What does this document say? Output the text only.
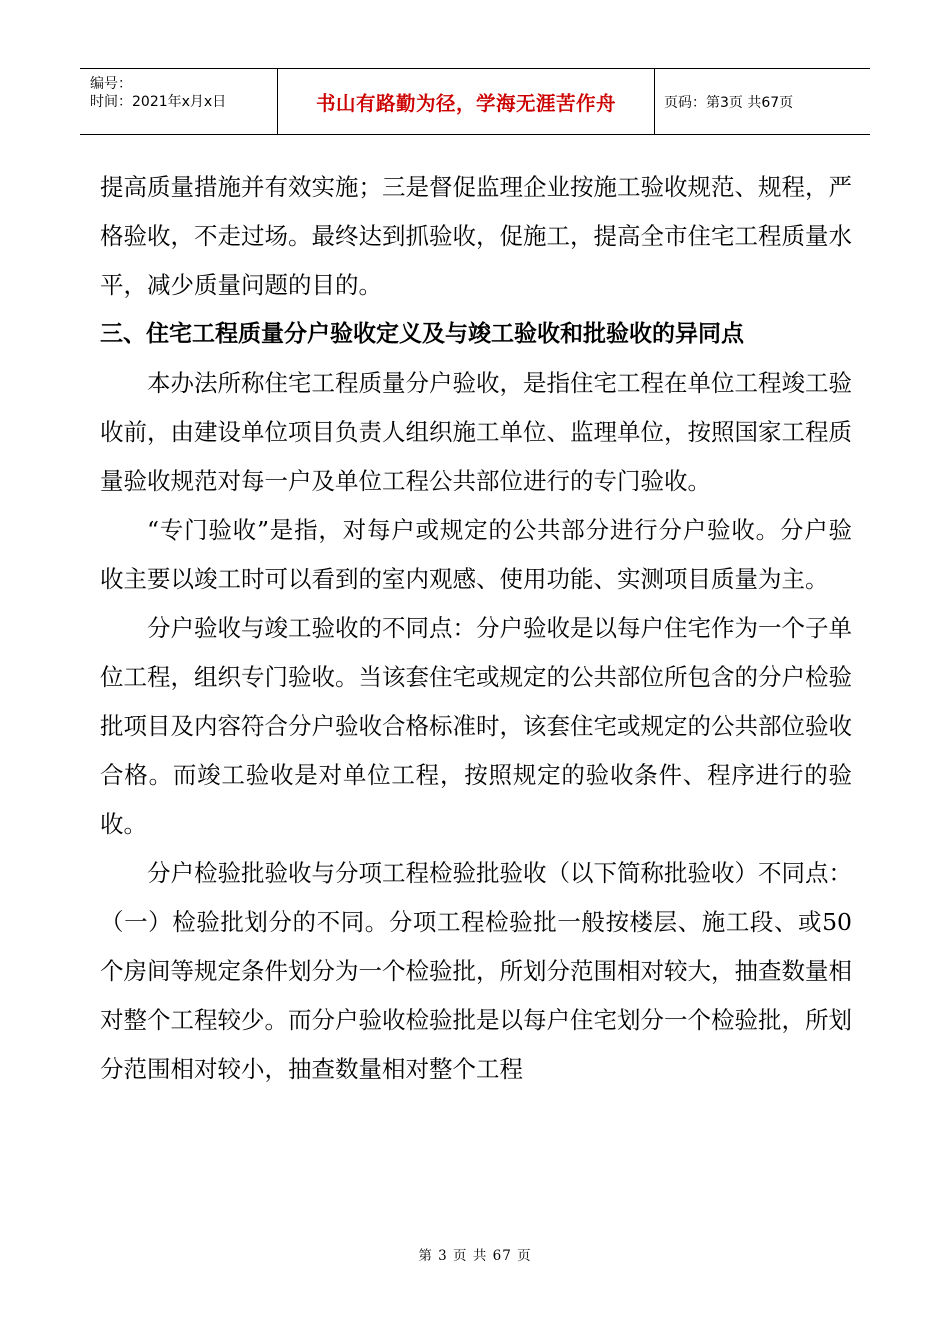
编号：
时间：2021年x月x日	书山有路勤为径，学海无涯苦作舟	页码：第3页 共67页

提高质量措施并有效实施；三是督促监理企业按施工验收规范、规程，严格验收，不走过场。最终达到抓验收，促施工，提高全市住宅工程质量水平，减少质量问题的目的。

三、住宅工程质量分户验收定义及与竣工验收和批验收的异同点

本办法所称住宅工程质量分户验收，是指住宅工程在单位工程竣工验收前，由建设单位项目负责人组织施工单位、监理单位，按照国家工程质量验收规范对每一户及单位工程公共部位进行的专门验收。

“专门验收”是指，对每户或规定的公共部分进行分户验收。分户验收主要以竣工时可以看到的室内观感、使用功能、实测项目质量为主。

分户验收与竣工验收的不同点：分户验收是以每户住宅作为一个子单位工程，组织专门验收。当该套住宅或规定的公共部位所包含的分户检验批项目及内容符合分户验收合格标准时，该套住宅或规定的公共部位验收合格。而竣工验收是对单位工程，按照规定的验收条件、程序进行的验收。

分户检验批验收与分项工程检验批验收（以下简称批验收）不同点：（一）检验批划分的不同。分项工程检验批一般按楼层、施工段、或50个房间等规定条件划分为一个检验批，所划分范围相对较大，抽查数量相对整个工程较少。而分户验收检验批是以每户住宅划分一个检验批，所划分范围相对较小，抽查数量相对整个工程

第 3 页 共 67 页
